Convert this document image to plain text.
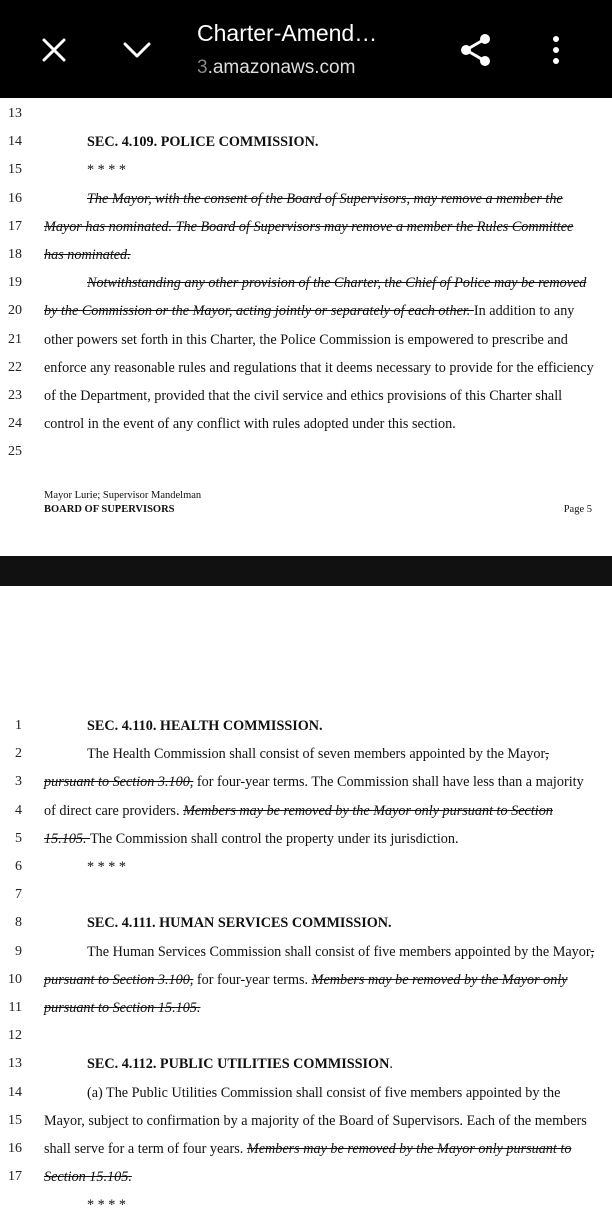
Charter-Amend…
3.amazonaws.com
13
14	SEC. 4.109. POLICE COMMISSION.
15	* * * *
16	The Mayor, with the consent of the Board of Supervisors, may remove a member the
17 Mayor has nominated. The Board of Supervisors may remove a member the Rules Committee
18 has nominated.
19	Notwithstanding any other provision of the Charter, the Chief of Police may be removed
20 by the Commission or the Mayor, acting jointly or separately of each other. In addition to any
21 other powers set forth in this Charter, the Police Commission is empowered to prescribe and
22 enforce any reasonable rules and regulations that it deems necessary to provide for the efficiency
23 of the Department, provided that the civil service and ethics provisions of this Charter shall
24 control in the event of any conflict with rules adopted under this section.
25
Mayor Lurie; Supervisor Mandelman
BOARD OF SUPERVISORS	Page 5
1	SEC. 4.110. HEALTH COMMISSION.
2	The Health Commission shall consist of seven members appointed by the Mayor,
3 pursuant to Section 3.100, for four-year terms. The Commission shall have less than a majority
4 of direct care providers. Members may be removed by the Mayor only pursuant to Section
5 15.105. The Commission shall control the property under its jurisdiction.
6	* * * *
7
8	SEC. 4.111. HUMAN SERVICES COMMISSION.
9	The Human Services Commission shall consist of five members appointed by the Mayor,
10 pursuant to Section 3.100, for four-year terms. Members may be removed by the Mayor only
11 pursuant to Section 15.105.
12
13	SEC. 4.112. PUBLIC UTILITIES COMMISSION.
14	(a) The Public Utilities Commission shall consist of five members appointed by the
15 Mayor, subject to confirmation by a majority of the Board of Supervisors. Each of the members
16 shall serve for a term of four years. Members may be removed by the Mayor only pursuant to
17 Section 15.105.
* * * *
